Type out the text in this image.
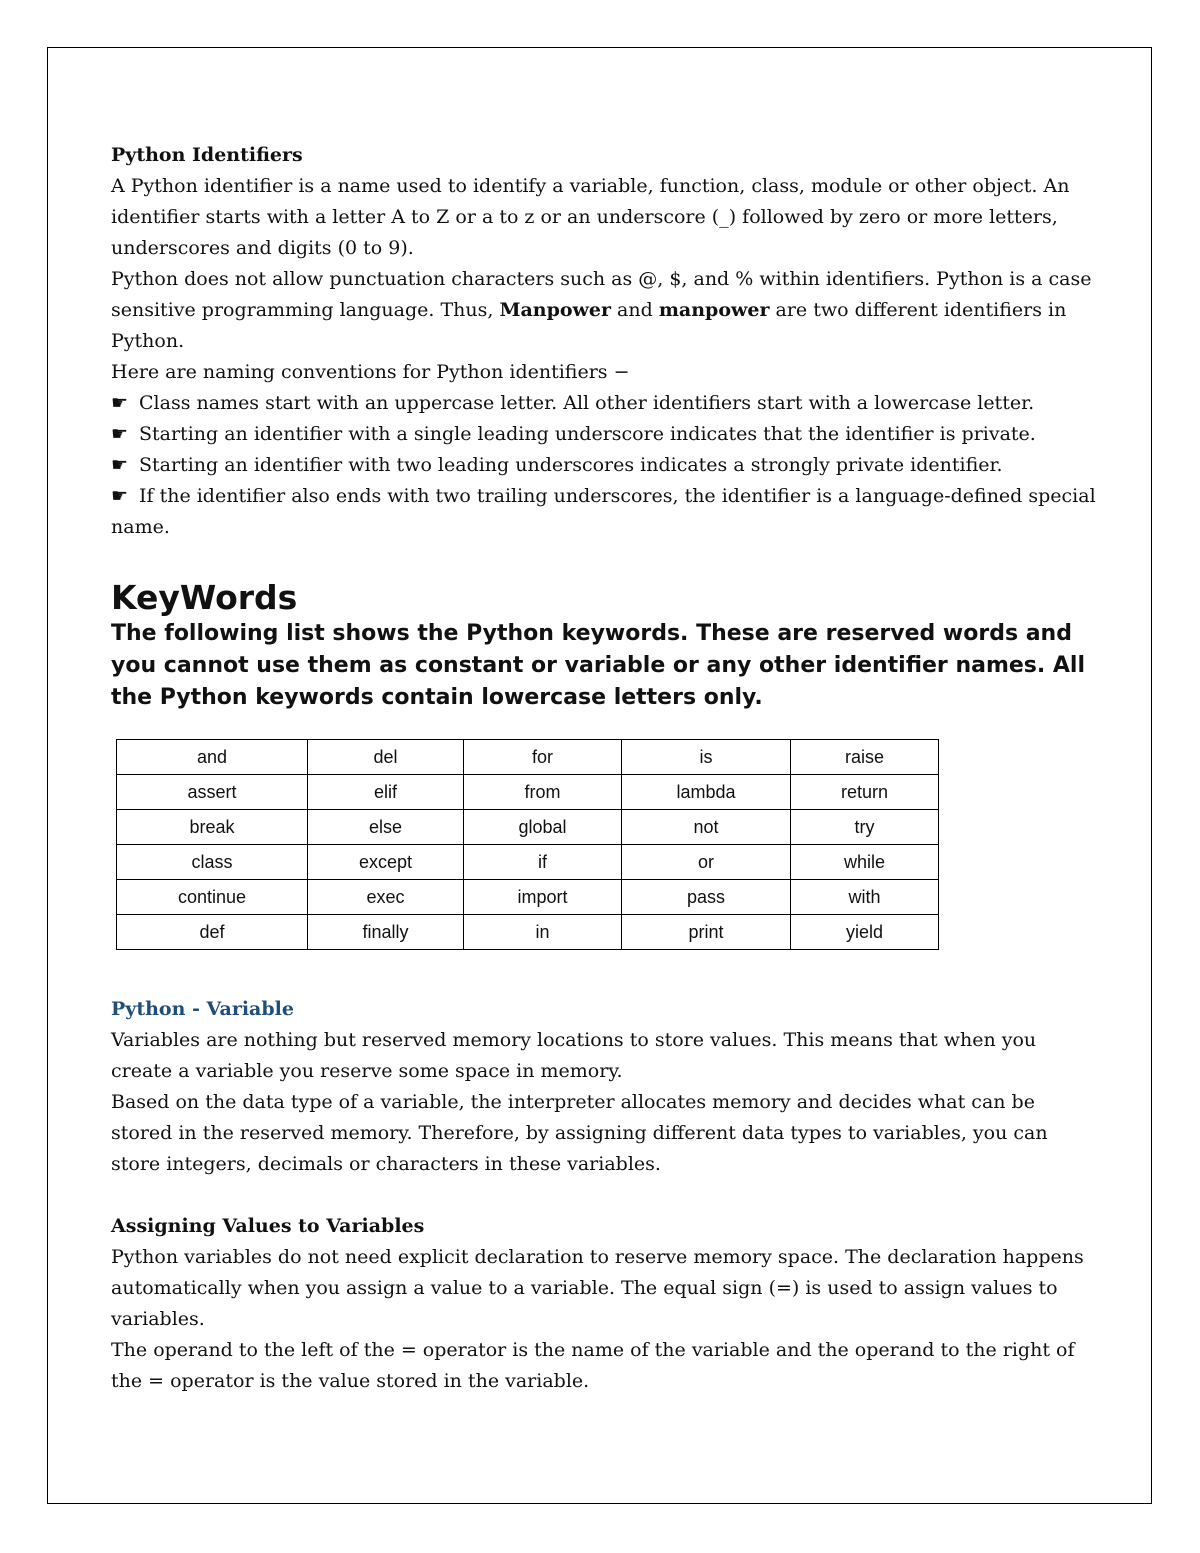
Python Identifiers

A Python identifier is a name used to identify a variable, function, class, module or other object. An identifier starts with a letter A to Z or a to z or an underscore (_) followed by zero or more letters, underscores and digits (0 to 9).

Python does not allow punctuation characters such as @, $, and % within identifiers. Python is a case sensitive programming language. Thus, Manpower and manpower are two different identifiers in Python.

Here are naming conventions for Python identifiers −

☛ Class names start with an uppercase letter. All other identifiers start with a lowercase letter.

☛ Starting an identifier with a single leading underscore indicates that the identifier is private.

☛ Starting an identifier with two leading underscores indicates a strongly private identifier.

☛ If the identifier also ends with two trailing underscores, the identifier is a language-defined special name.

KeyWords

The following list shows the Python keywords. These are reserved words and you cannot use them as constant or variable or any other identifier names. All the Python keywords contain lowercase letters only.

and	del	for	is	raise
assert	elif	from	lambda	return
break	else	global	not	try
class	except	if	or	while
continue	exec	import	pass	with
def	finally	in	print	yield

Python - Variable

Variables are nothing but reserved memory locations to store values. This means that when you create a variable you reserve some space in memory.

Based on the data type of a variable, the interpreter allocates memory and decides what can be stored in the reserved memory. Therefore, by assigning different data types to variables, you can store integers, decimals or characters in these variables.

Assigning Values to Variables

Python variables do not need explicit declaration to reserve memory space. The declaration happens automatically when you assign a value to a variable. The equal sign (=) is used to assign values to variables.

The operand to the left of the = operator is the name of the variable and the operand to the right of the = operator is the value stored in the variable.
